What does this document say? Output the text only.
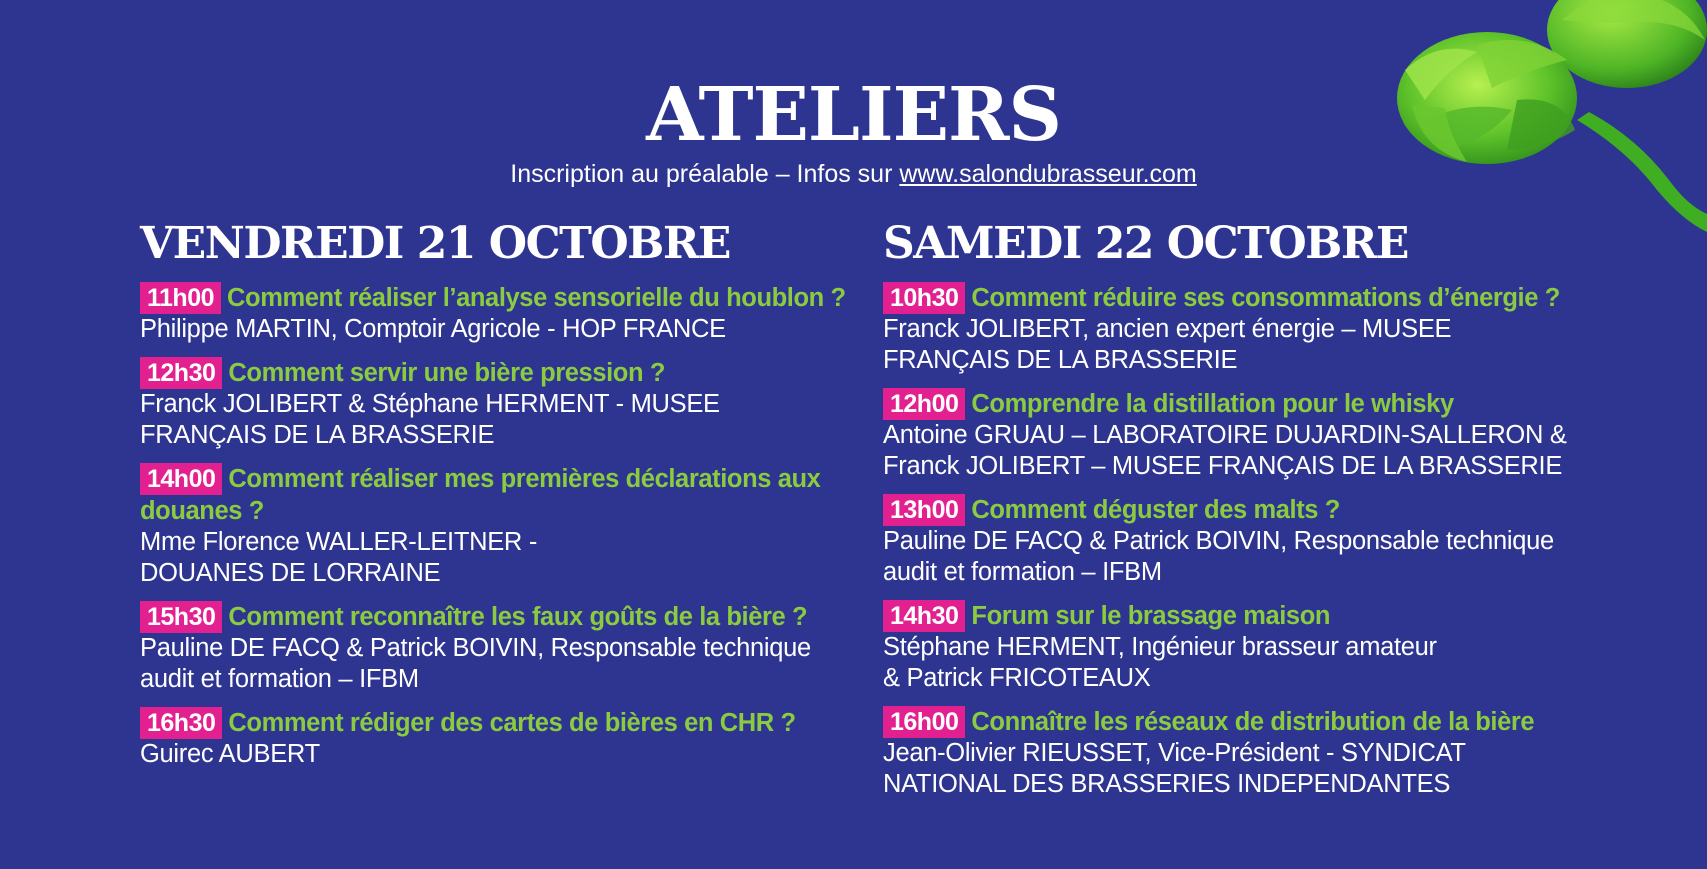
ATELIERS
Inscription au préalable – Infos sur www.salondubrasseur.com
VENDREDI 21 OCTOBRE
11h00 Comment réaliser l’analyse sensorielle du houblon ?
Philippe MARTIN, Comptoir Agricole - HOP FRANCE
12h30 Comment servir une bière pression ?
Franck JOLIBERT & Stéphane HERMENT - MUSEE
FRANÇAIS DE LA BRASSERIE
14h00 Comment réaliser mes premières déclarations aux douanes ?
Mme Florence WALLER-LEITNER -
DOUANES DE LORRAINE
15h30 Comment reconnaître les faux goûts de la bière ?
Pauline DE FACQ & Patrick BOIVIN, Responsable technique
audit et formation – IFBM
16h30 Comment rédiger des cartes de bières en CHR ?
Guirec AUBERT
SAMEDI 22 OCTOBRE
10h30 Comment réduire ses consommations d’énergie ?
Franck JOLIBERT, ancien expert énergie – MUSEE
FRANÇAIS DE LA BRASSERIE
12h00 Comprendre la distillation pour le whisky
Antoine GRUAU – LABORATOIRE DUJARDIN-SALLERON &
Franck JOLIBERT – MUSEE FRANÇAIS DE LA BRASSERIE
13h00 Comment déguster des malts ?
Pauline DE FACQ & Patrick BOIVIN, Responsable technique
audit et formation – IFBM
14h30 Forum sur le brassage maison
Stéphane HERMENT, Ingénieur brasseur amateur
& Patrick FRICOTEAUX
16h00 Connaître les réseaux de distribution de la bière
Jean-Olivier RIEUSSET, Vice-Président - SYNDICAT
NATIONAL DES BRASSERIES INDEPENDANTES
